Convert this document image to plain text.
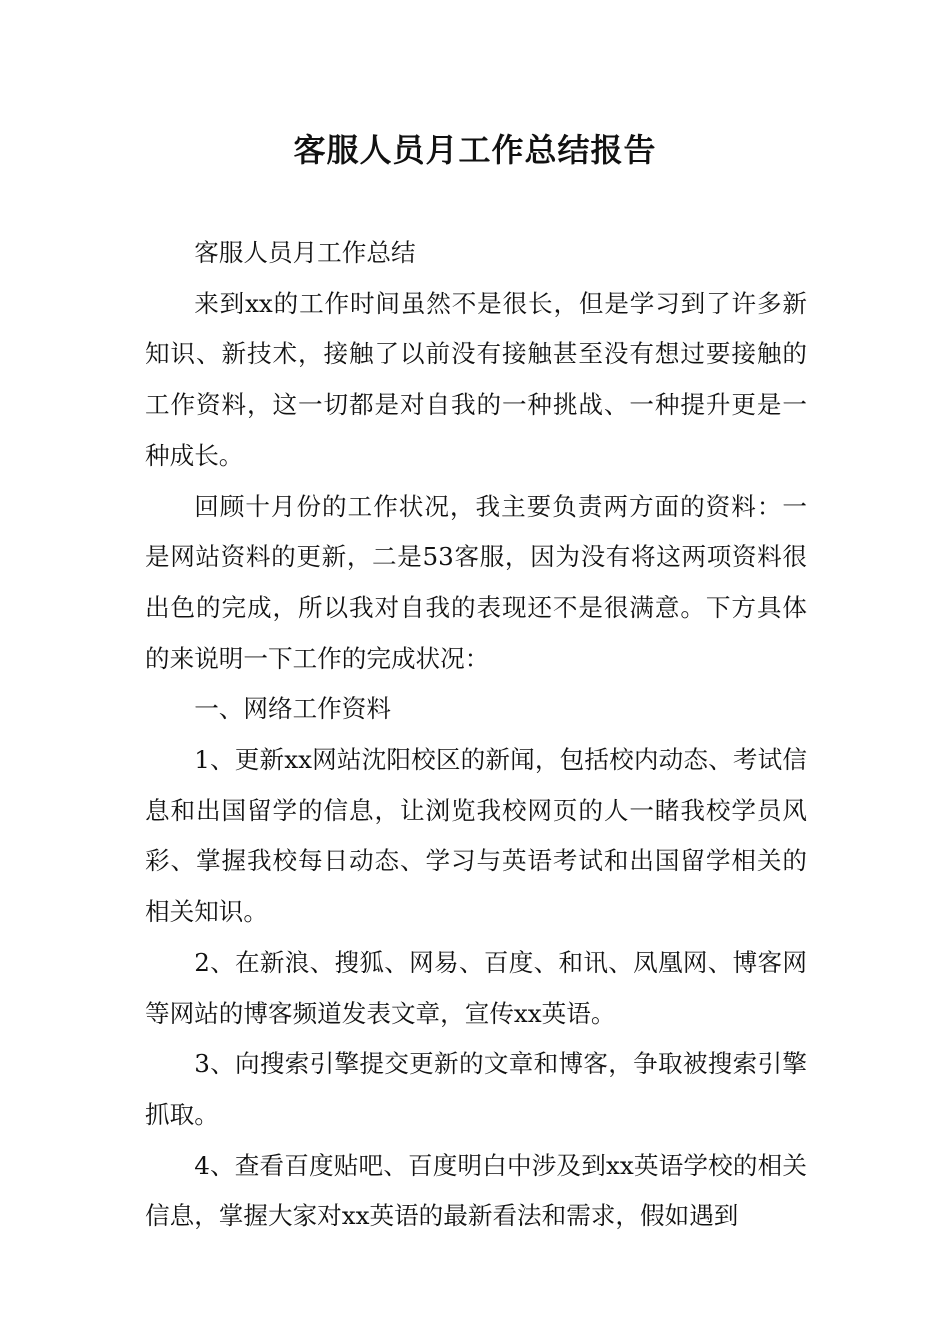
客服人员月工作总结报告

客服人员月工作总结

来到xx的工作时间虽然不是很长，但是学习到了许多新知识、新技术，接触了以前没有接触甚至没有想过要接触的工作资料，这一切都是对自我的一种挑战、一种提升更是一种成长。

回顾十月份的工作状况，我主要负责两方面的资料：一是网站资料的更新，二是53客服，因为没有将这两项资料很出色的完成，所以我对自我的表现还不是很满意。下方具体的来说明一下工作的完成状况：

一、网络工作资料

1、更新xx网站沈阳校区的新闻，包括校内动态、考试信息和出国留学的信息，让浏览我校网页的人一睹我校学员风彩、掌握我校每日动态、学习与英语考试和出国留学相关的相关知识。

2、在新浪、搜狐、网易、百度、和讯、凤凰网、博客网等网站的博客频道发表文章，宣传xx英语。

3、向搜索引擎提交更新的文章和博客，争取被搜索引擎抓取。

4、查看百度贴吧、百度明白中涉及到xx英语学校的相关信息，掌握大家对xx英语的最新看法和需求，假如遇到
